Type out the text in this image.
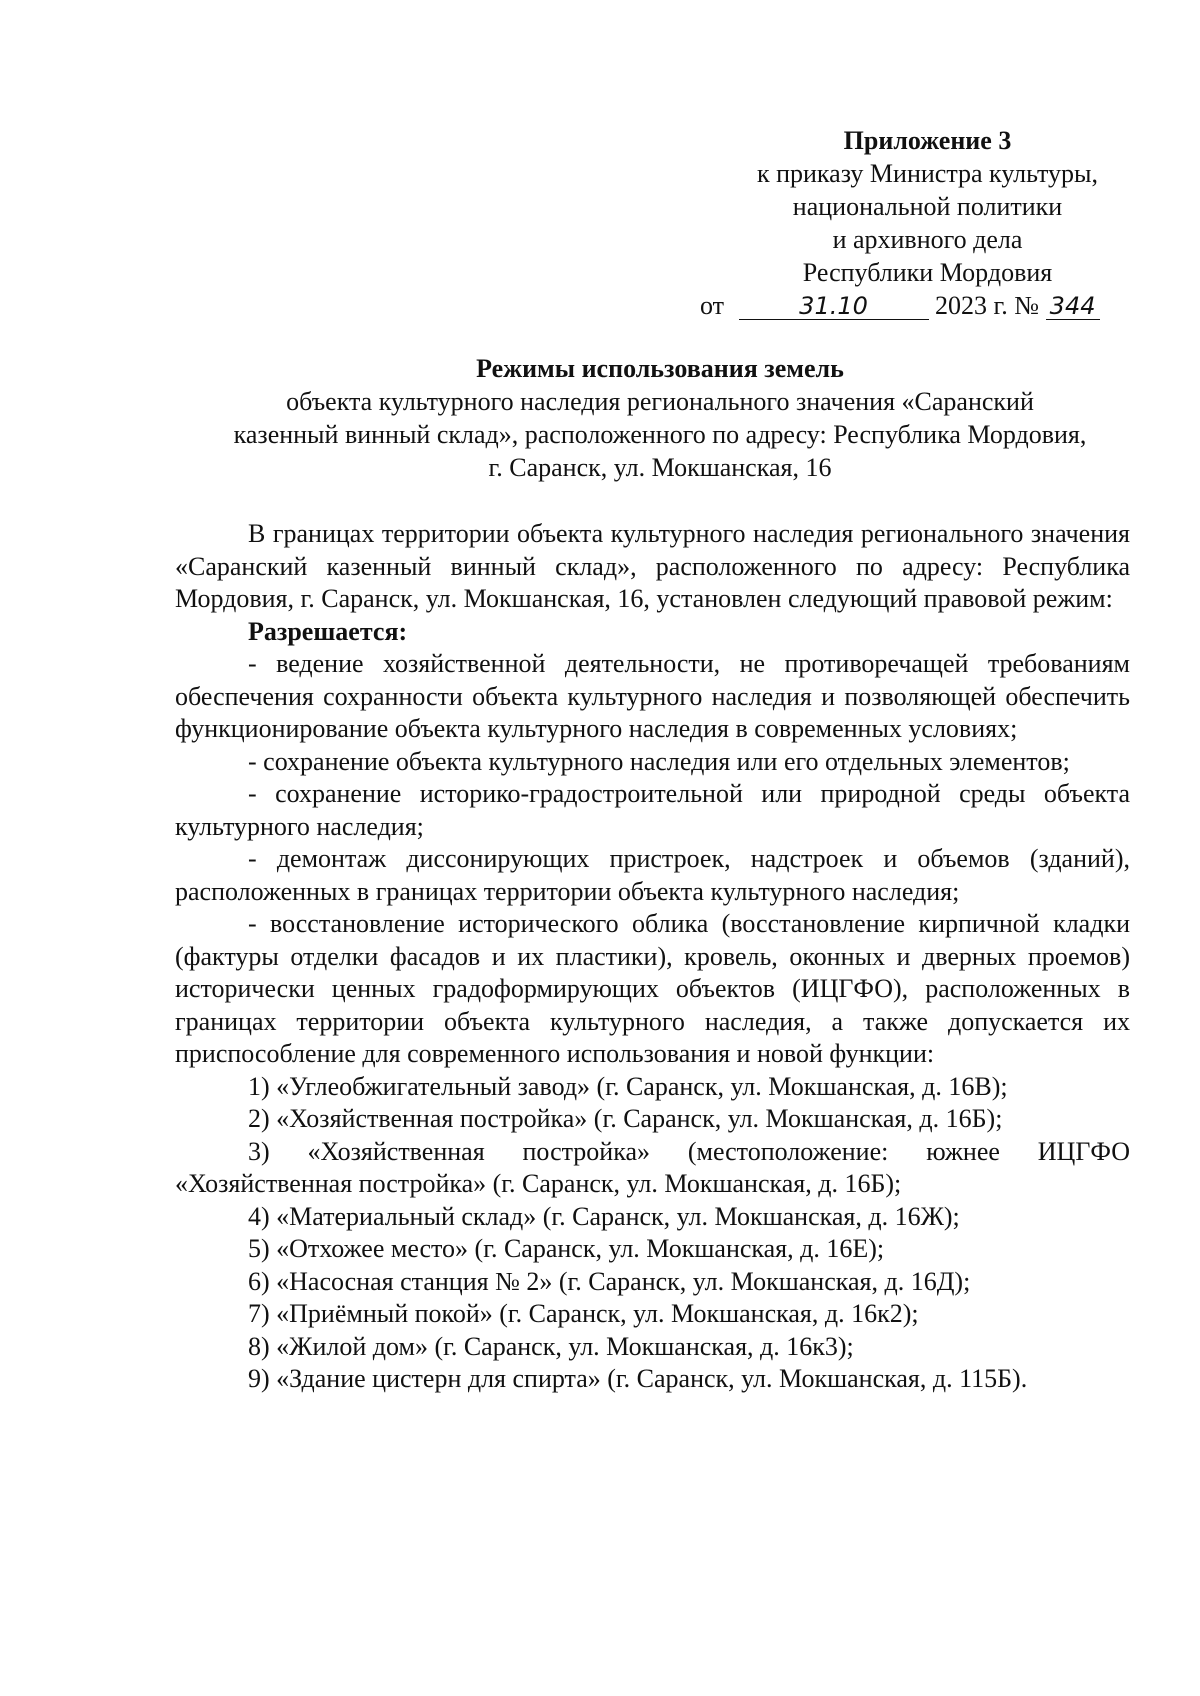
Приложение 3
к приказу Министра культуры,
национальной политики
и архивного дела
Республики Мордовия
от	31.10	2023 г. № 344
Режимы использования земель
объекта культурного наследия регионального значения «Саранский
казенный винный склад», расположенного по адресу: Республика Мордовия,
г. Саранск, ул. Мокшанская, 16

В границах территории объекта культурного наследия регионального значения «Саранский казенный винный склад», расположенного по адресу: Республика Мордовия, г. Саранск, ул. Мокшанская, 16, установлен следующий правовой режим:

Разрешается:

- ведение хозяйственной деятельности, не противоречащей требованиям обеспечения сохранности объекта культурного наследия и позволяющей обеспечить функционирование объекта культурного наследия в современных условиях;

- сохранение объекта культурного наследия или его отдельных элементов;

- сохранение историко-градостроительной или природной среды объекта культурного наследия;

- демонтаж диссонирующих пристроек, надстроек и объемов (зданий), расположенных в границах территории объекта культурного наследия;

- восстановление исторического облика (восстановление кирпичной кладки (фактуры отделки фасадов и их пластики), кровель, оконных и дверных проемов) исторически ценных градоформирующих объектов (ИЦГФО), расположенных в границах территории объекта культурного наследия, а также допускается их приспособление для современного использования и новой функции:

1) «Углеобжигательный завод» (г. Саранск, ул. Мокшанская, д. 16В);

2) «Хозяйственная постройка» (г. Саранск, ул. Мокшанская, д. 16Б);

3) «Хозяйственная постройка» (местоположение: южнее ИЦГФО «Хозяйственная постройка» (г. Саранск, ул. Мокшанская, д. 16Б);

4) «Материальный склад» (г. Саранск, ул. Мокшанская, д. 16Ж);

5) «Отхожее место» (г. Саранск, ул. Мокшанская, д. 16Е);

6) «Насосная станция № 2» (г. Саранск, ул. Мокшанская, д. 16Д);

7) «Приёмный покой» (г. Саранск, ул. Мокшанская, д. 16к2);

8) «Жилой дом» (г. Саранск, ул. Мокшанская, д. 16к3);

9) «Здание цистерн для спирта» (г. Саранск, ул. Мокшанская, д. 115Б).
